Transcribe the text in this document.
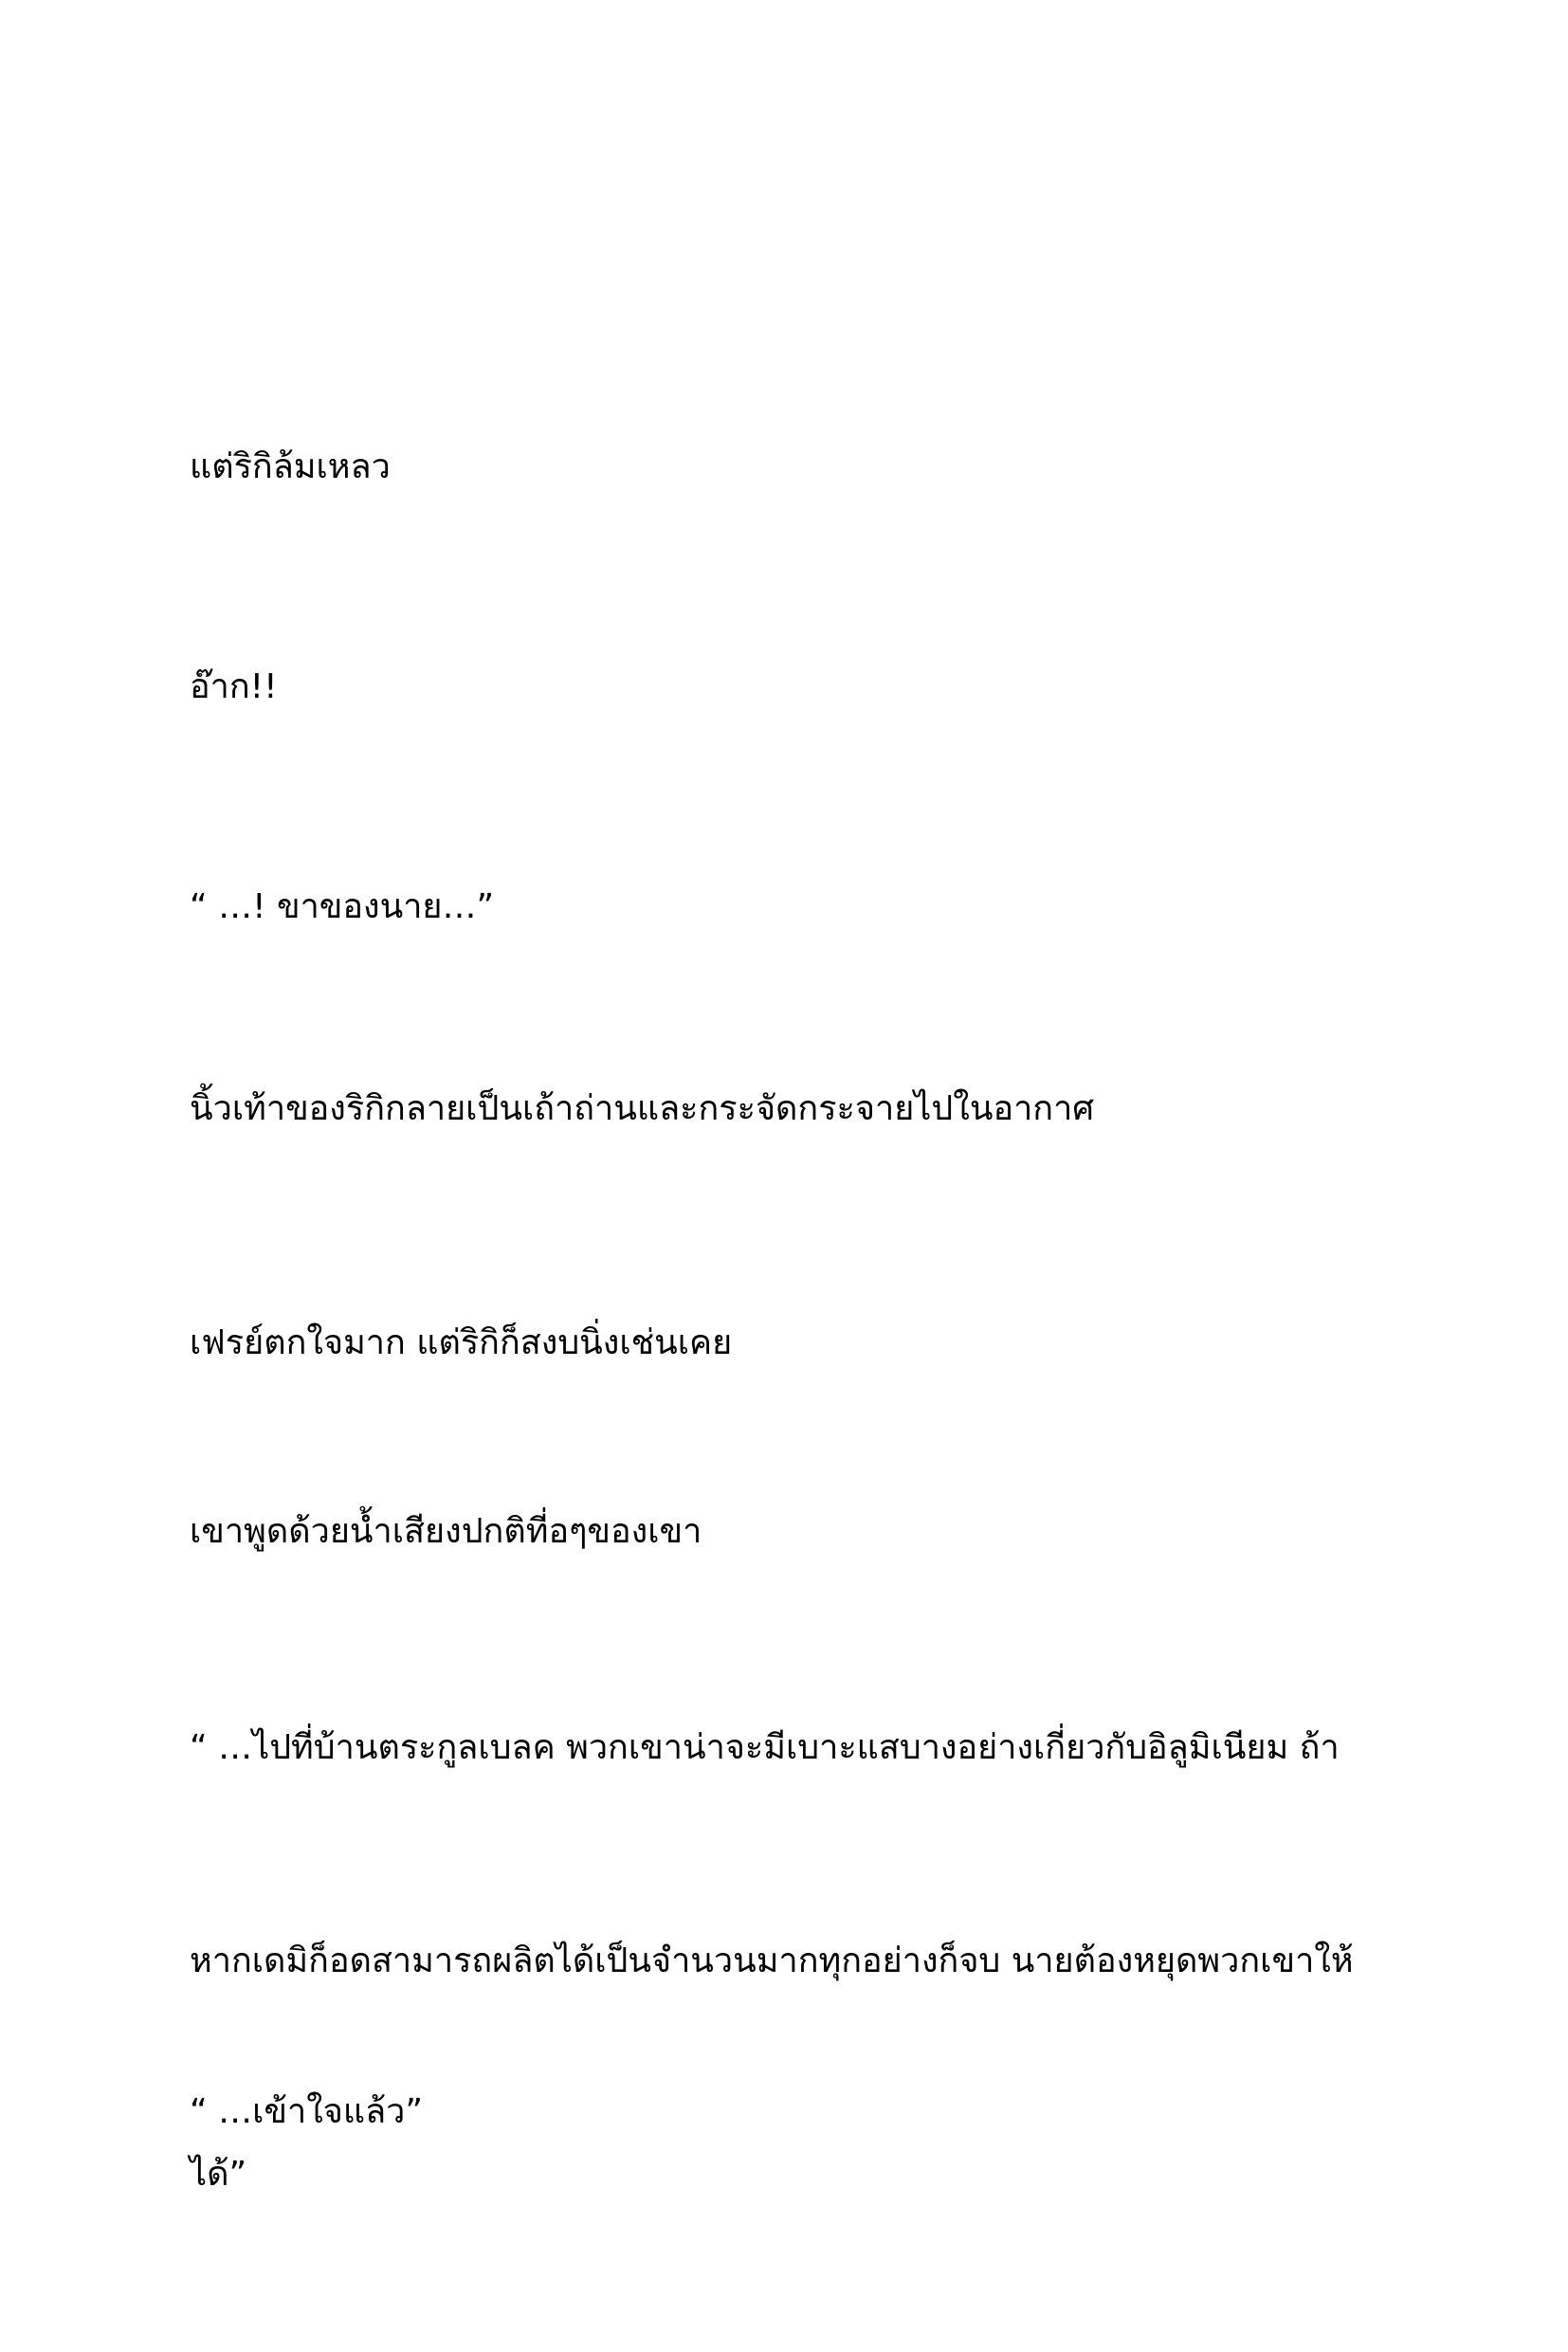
แต่ริกิล้มเหลว

อ๊าก!!

“ …! ขาของนาย…”

นิ้วเท้าของริกิกลายเป็นเถ้าถ่านและกระจัดกระจายไปในอากาศ

เฟรย์ตกใจมาก แต่ริกิก็สงบนิ่งเช่นเคย

เขาพูดด้วยน้ำเสียงปกติที่อๆของเขา

“ …ไปที่บ้านตระกูลเบลค พวกเขาน่าจะมีเบาะแสบางอย่างเกี่ยวกับอิลูมิเนียม ถ้า

หากเดมิก็อดสามารถผลิตได้เป็นจำนวนมากทุกอย่างก็จบ นายต้องหยุดพวกเขาให้

ได้”

“ …เข้าใจแล้ว”
